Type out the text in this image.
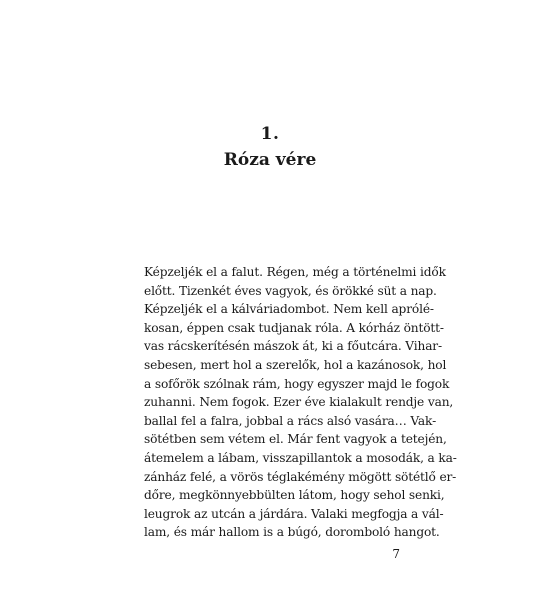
1.
Róza vére
Képzeljék el a falut. Régen, még a történelmi idők
előtt. Tizenkét éves vagyok, és örökké süt a nap.
Képzeljék el a kálváriadombot. Nem kell aprólé-
kosan, éppen csak tudjanak róla. A kórház öntött-
vas rácskerítésén mászok át, ki a főutcára. Vihar-
sebesen, mert hol a szerelők, hol a kazánosok, hol
a sofőrök szólnak rám, hogy egyszer majd le fogok
zuhanni. Nem fogok. Ezer éve kialakult rendje van,
ballal fel a falra, jobbal a rács alsó vasára… Vak-
sötétben sem vétem el. Már fent vagyok a tetején,
átemelem a lábam, visszapillantok a mosodák, a ka-
zánház felé, a vörös téglakémény mögött sötétlő er-
dőre, megkönnyebbülten látom, hogy sehol senki,
leugrok az utcán a járdára. Valaki megfogja a vál-
lam, és már hallom is a búgó, doromboló hangot.
7
